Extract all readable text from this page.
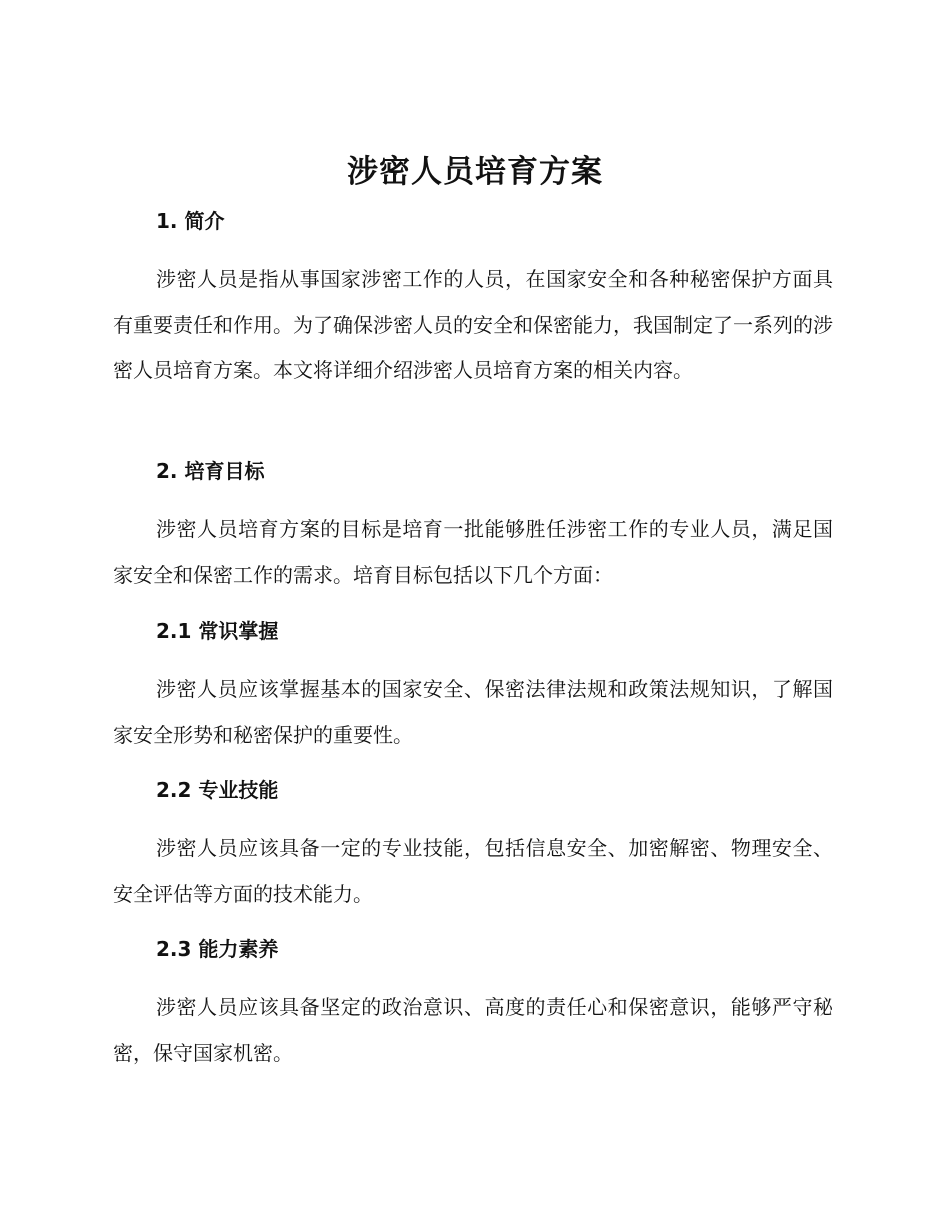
涉密人员培育方案
1. 简介

涉密人员是指从事国家涉密工作的人员，在国家安全和各种秘密保护方面具有重要责任和作用。为了确保涉密人员的安全和保密能力，我国制定了一系列的涉密人员培育方案。本文将详细介绍涉密人员培育方案的相关内容。

2. 培育目标

涉密人员培育方案的目标是培育一批能够胜任涉密工作的专业人员，满足国家安全和保密工作的需求。培育目标包括以下几个方面：

2.1 常识掌握

涉密人员应该掌握基本的国家安全、保密法律法规和政策法规知识，了解国家安全形势和秘密保护的重要性。

2.2 专业技能

涉密人员应该具备一定的专业技能，包括信息安全、加密解密、物理安全、安全评估等方面的技术能力。

2.3 能力素养

涉密人员应该具备坚定的政治意识、高度的责任心和保密意识，能够严守秘密，保守国家机密。
